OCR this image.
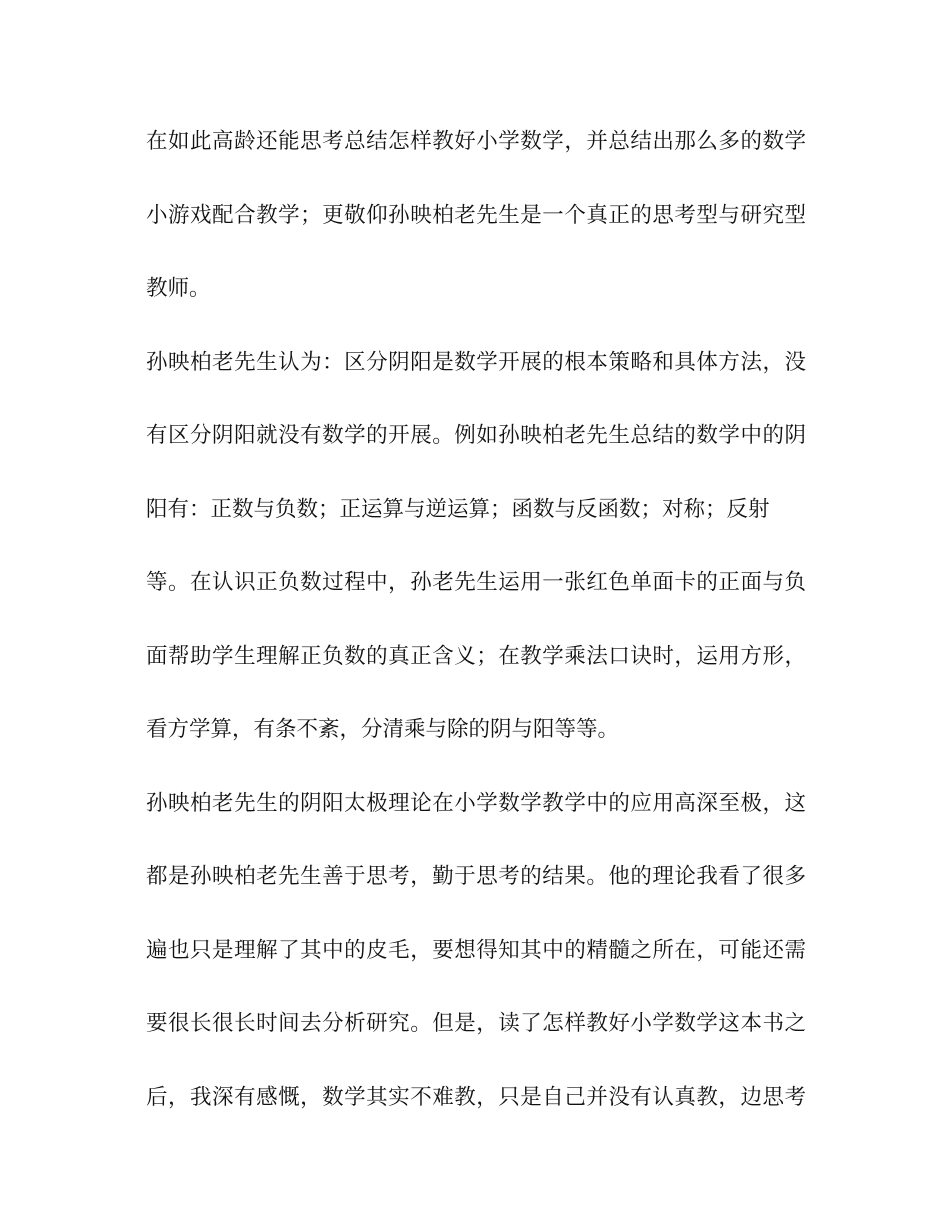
在如此高龄还能思考总结怎样教好小学数学，并总结出那么多的数学
小游戏配合教学；更敬仰孙映柏老先生是一个真正的思考型与研究型
教师。
孙映柏老先生认为：区分阴阳是数学开展的根本策略和具体方法，没
有区分阴阳就没有数学的开展。例如孙映柏老先生总结的数学中的阴
阳有：正数与负数；正运算与逆运算；函数与反函数；对称；反射
等。在认识正负数过程中，孙老先生运用一张红色单面卡的正面与负
面帮助学生理解正负数的真正含义；在教学乘法口诀时，运用方形，
看方学算，有条不紊，分清乘与除的阴与阳等等。
孙映柏老先生的阴阳太极理论在小学数学教学中的应用高深至极，这
都是孙映柏老先生善于思考，勤于思考的结果。他的理论我看了很多
遍也只是理解了其中的皮毛，要想得知其中的精髓之所在，可能还需
要很长很长时间去分析研究。但是，读了怎样教好小学数学这本书之
后，我深有感慨，数学其实不难教，只是自己并没有认真教，边思考
